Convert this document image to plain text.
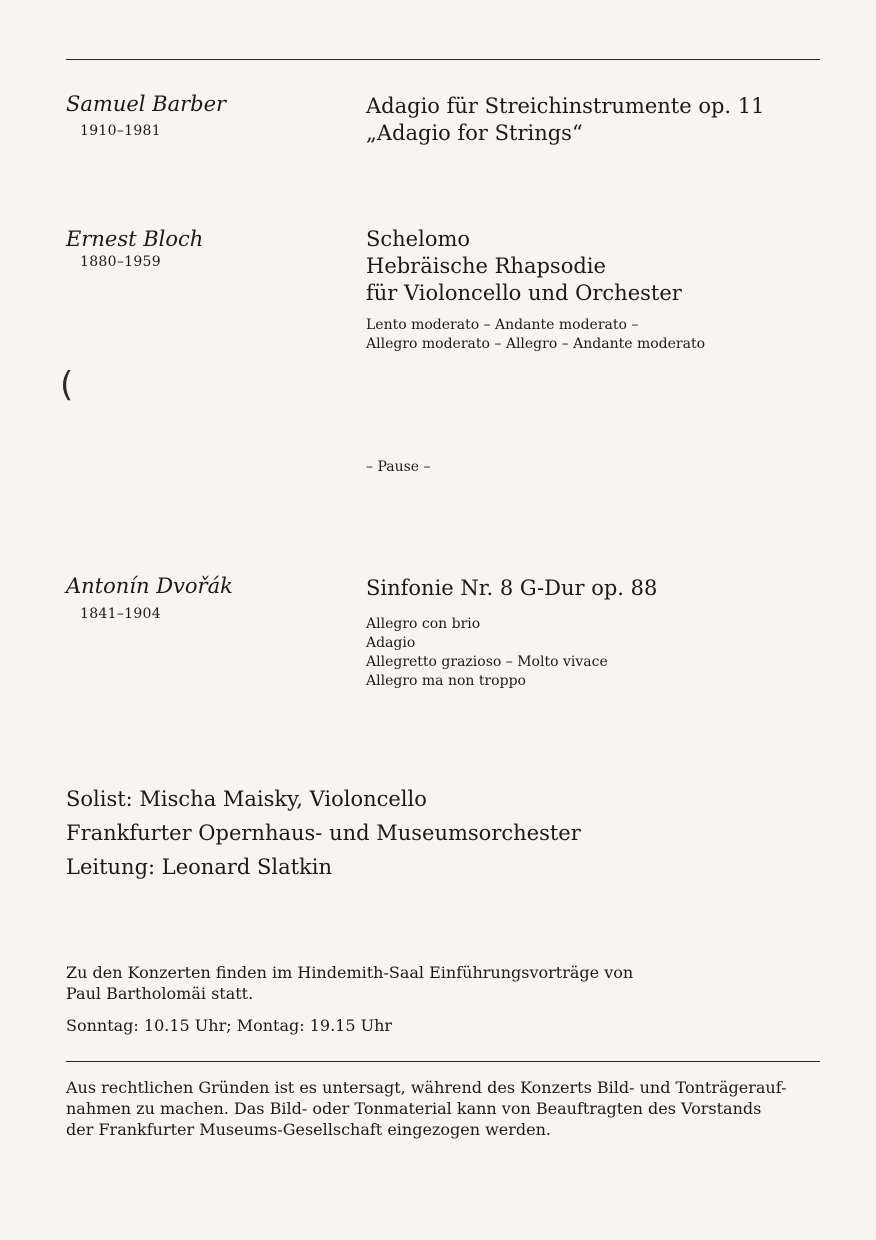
Samuel Barber
1910–1981
Adagio für Streichinstrumente op. 11
„Adagio for Strings“
Ernest Bloch
1880–1959
Schelomo
Hebräische Rhapsodie
für Violoncello und Orchester
Lento moderato – Andante moderato –
Allegro moderato – Allegro – Andante moderato
(
– Pause –
Antonín Dvořák
1841–1904
Sinfonie Nr. 8 G-Dur op. 88
Allegro con brio
Adagio
Allegretto grazioso – Molto vivace
Allegro ma non troppo
Solist: Mischa Maisky, Violoncello
Frankfurter Opernhaus- und Museumsorchester
Leitung: Leonard Slatkin
Zu den Konzerten finden im Hindemith-Saal Einführungsvorträge von
Paul Bartholomäi statt.
Sonntag: 10.15 Uhr; Montag: 19.15 Uhr
Aus rechtlichen Gründen ist es untersagt, während des Konzerts Bild- und Tonträgerauf-
nahmen zu machen. Das Bild- oder Tonmaterial kann von Beauftragten des Vorstands
der Frankfurter Museums-Gesellschaft eingezogen werden.
